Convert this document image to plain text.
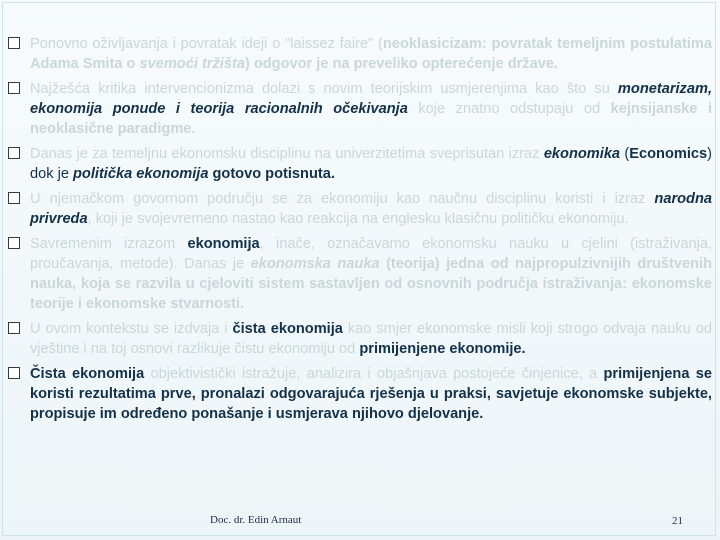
Ponovno oživljavanja i povratak ideji o "laissez faire" (neoklasicizam: povratak temeljnim postulatima Adama Smita o svemoći tržišta) odgovor je na preveliko opterećenje države.
Najžešća kritika intervencionizma dolazi s novim teorijskim usmjerenjima kao što su monetarizam, ekonomija ponude i teorija racionalnih očekivanja koje znatno odstupaju od kejnsijanske i neoklasične paradigme.
Danas je za temeljnu ekonomsku disciplinu na univerzitetima sveprisutan izraz ekonomika (Economics) dok je politička ekonomija gotovo potisnuta.
U njemačkom govornom području se za ekonomiju kao naučnu disciplinu koristi i izraz narodna privreda, koji je svojevremeno nastao kao reakcija na englesku klasičnu političku ekonomiju.
Savremenim izrazom ekonomija, inače, označavamo ekonomsku nauku u cjelini (istraživanja, proučavanja, metode). Danas je ekonomska nauka (teorija) jedna od najpropulzivnijih društvenih nauka, koja se razvila u cjeloviti sistem sastavljen od osnovnih područja istraživanja: ekonomske teorije i ekonomske stvarnosti.
U ovom kontekstu se izdvaja i čista ekonomija kao smjer ekonomske misli koji strogo odvaja nauku od vještine i na toj osnovi razlikuje čistu ekonomiju od primijenjene ekonomije.
Čista ekonomija objektivistički istražuje, analizira i objašnjava postojeće činjenice, a primijenjena se koristi rezultatima prve, pronalazi odgovarajuća rješenja u praksi, savjetuje ekonomske subjekte, propisuje im određeno ponašanje i usmjerava njihovo djelovanje.
Doc. dr. Edin Arnaut	21
